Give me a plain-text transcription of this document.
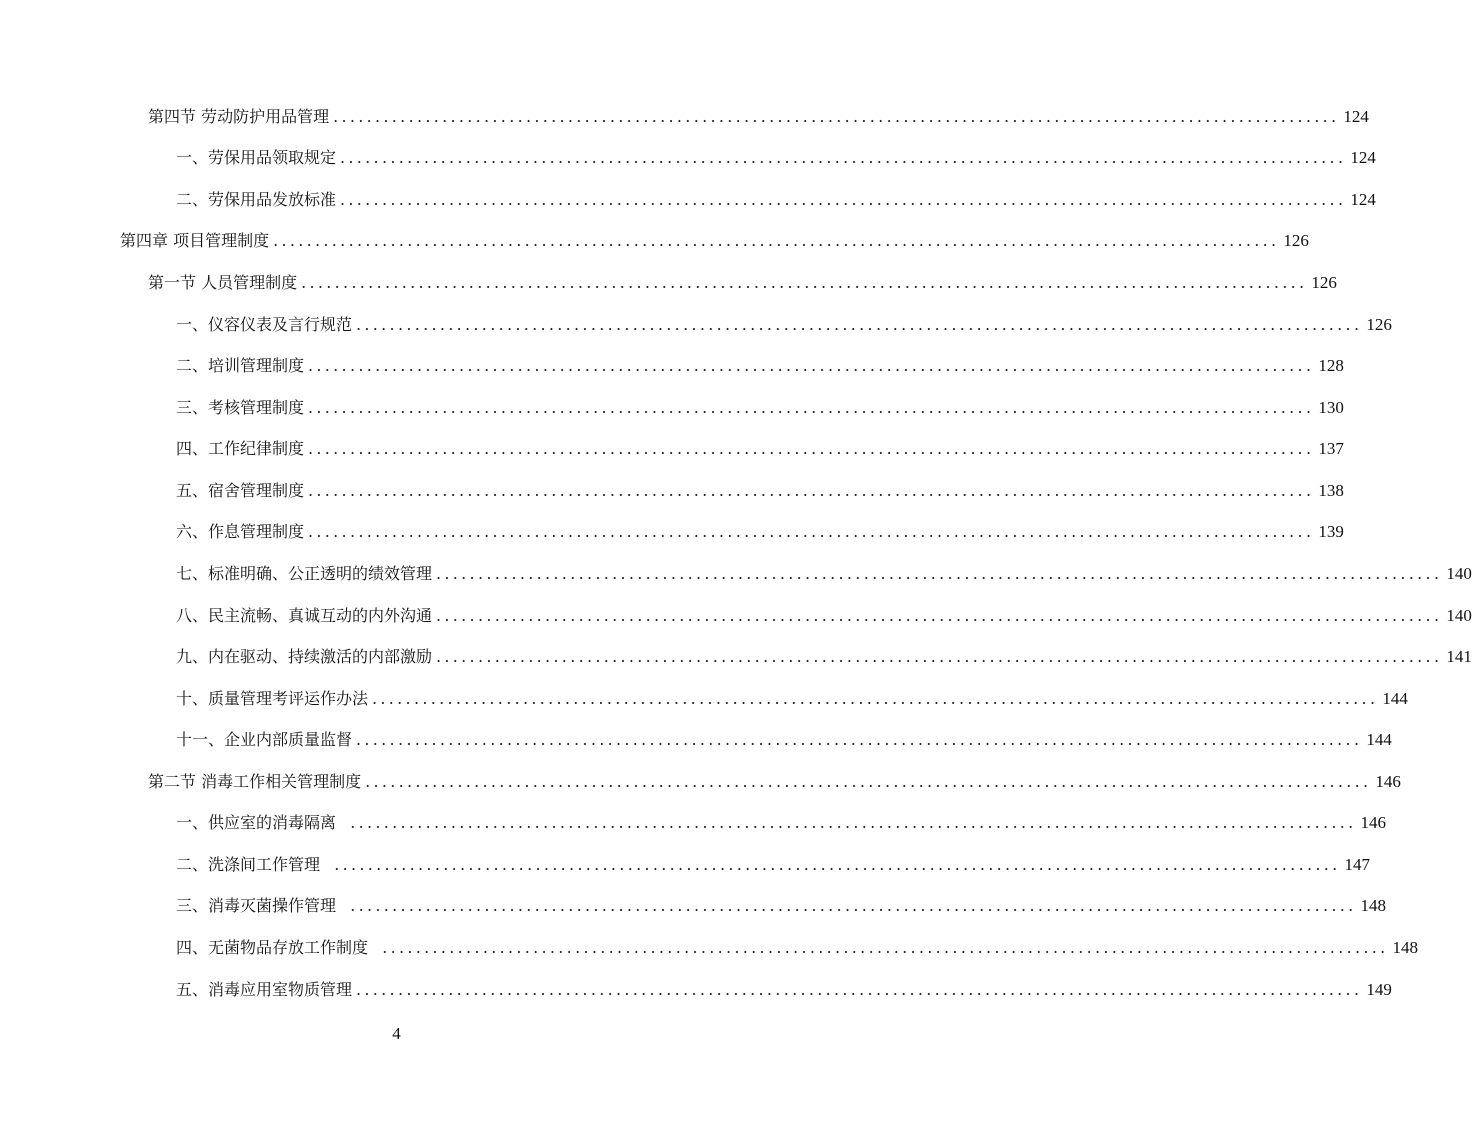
第四节 劳动防护用品管理 ........................................................................................................................ 124
一、劳保用品领取规定 ........................................................................................................................ 124
二、劳保用品发放标准 ........................................................................................................................ 124
第四章 项目管理制度 ........................................................................................................................ 126
第一节 人员管理制度 ........................................................................................................................ 126
一、仪容仪表及言行规范 ........................................................................................................................ 126
二、培训管理制度 ........................................................................................................................ 128
三、考核管理制度 ........................................................................................................................ 130
四、工作纪律制度 ........................................................................................................................ 137
五、宿舍管理制度 ........................................................................................................................ 138
六、作息管理制度 ........................................................................................................................ 139
七、标准明确、公正透明的绩效管理 ........................................................................................................................ 140
八、民主流畅、真诚互动的内外沟通 ........................................................................................................................ 140
九、内在驱动、持续激活的内部激励 ........................................................................................................................ 141
十、质量管理考评运作办法 ........................................................................................................................ 144
十一、企业内部质量监督 ........................................................................................................................ 144
第二节 消毒工作相关管理制度 ........................................................................................................................ 146
一、供应室的消毒隔离 ........................................................................................................................ 146
二、洗涤间工作管理 ........................................................................................................................ 147
三、消毒灭菌操作管理 ........................................................................................................................ 148
四、无菌物品存放工作制度 ........................................................................................................................ 148
五、消毒应用室物质管理 ........................................................................................................................ 149
4
